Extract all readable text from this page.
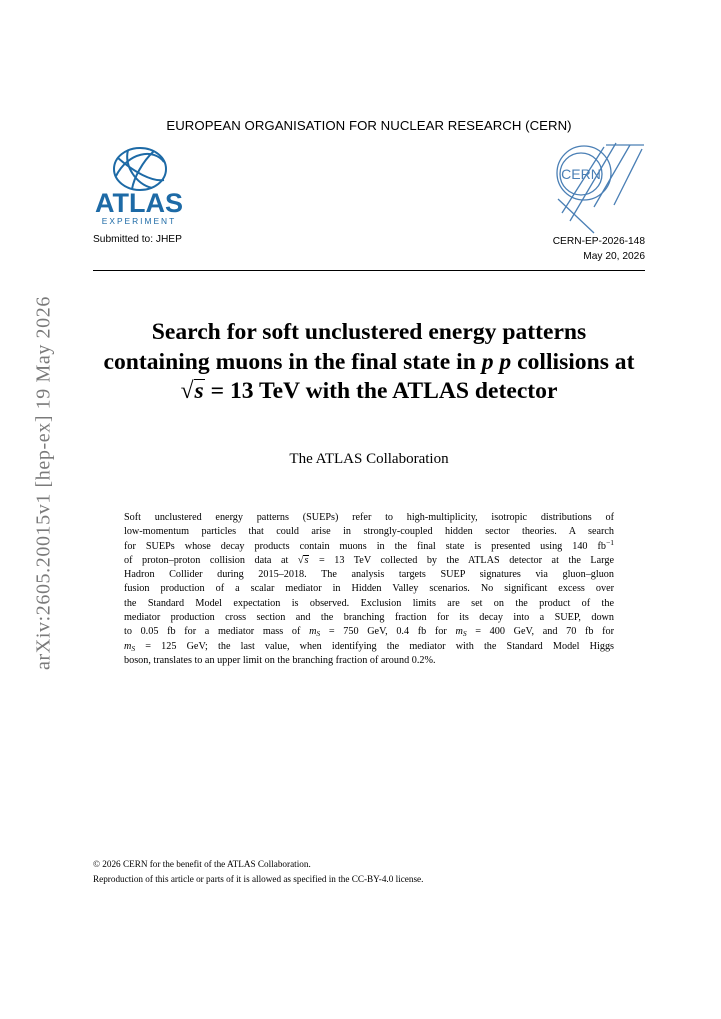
EUROPEAN ORGANISATION FOR NUCLEAR RESEARCH (CERN)
ATLAS
EXPERIMENT
CERN
Submitted to: JHEP	CERN-EP-2026-148
May 20, 2026
arXiv:2605.20015v1 [hep-ex] 19 May 2026	Search for soft unclustered energy patterns
containing muons in the final state in p p collisions at
√s = 13 TeV with the ATLAS detector
The ATLAS Collaboration
Soft unclustered energy patterns (SUEPs) refer to high-multiplicity, isotropic distributions of
low-momentum particles that could arise in strongly-coupled hidden sector theories. A search
for SUEPs whose decay products contain muons in the final state is presented using 140 $fb^{-1}$
of proton–proton collision data at √s = 13 TeV collected by the ATLAS detector at the Large
Hadron Collider during 2015–2018. The analysis targets SUEP signatures via gluon–gluon
fusion production of a scalar mediator in Hidden Valley scenarios. No significant excess over
the Standard Model expectation is observed. Exclusion limits are set on the product of the
mediator production cross section and the branching fraction for its decay into a SUEP, down
to 0.05 fb for a mediator mass of $m_S = 750$ GeV, 0.4 fb for $m_S = 400$ GeV, and 70 fb for
$m_S = 125$ GeV; the last value, when identifying the mediator with the Standard Model Higgs
boson, translates to an upper limit on the branching fraction of around 0.2%.
© 2026 CERN for the benefit of the ATLAS Collaboration.
Reproduction of this article or parts of it is allowed as specified in the CC-BY-4.0 license.
